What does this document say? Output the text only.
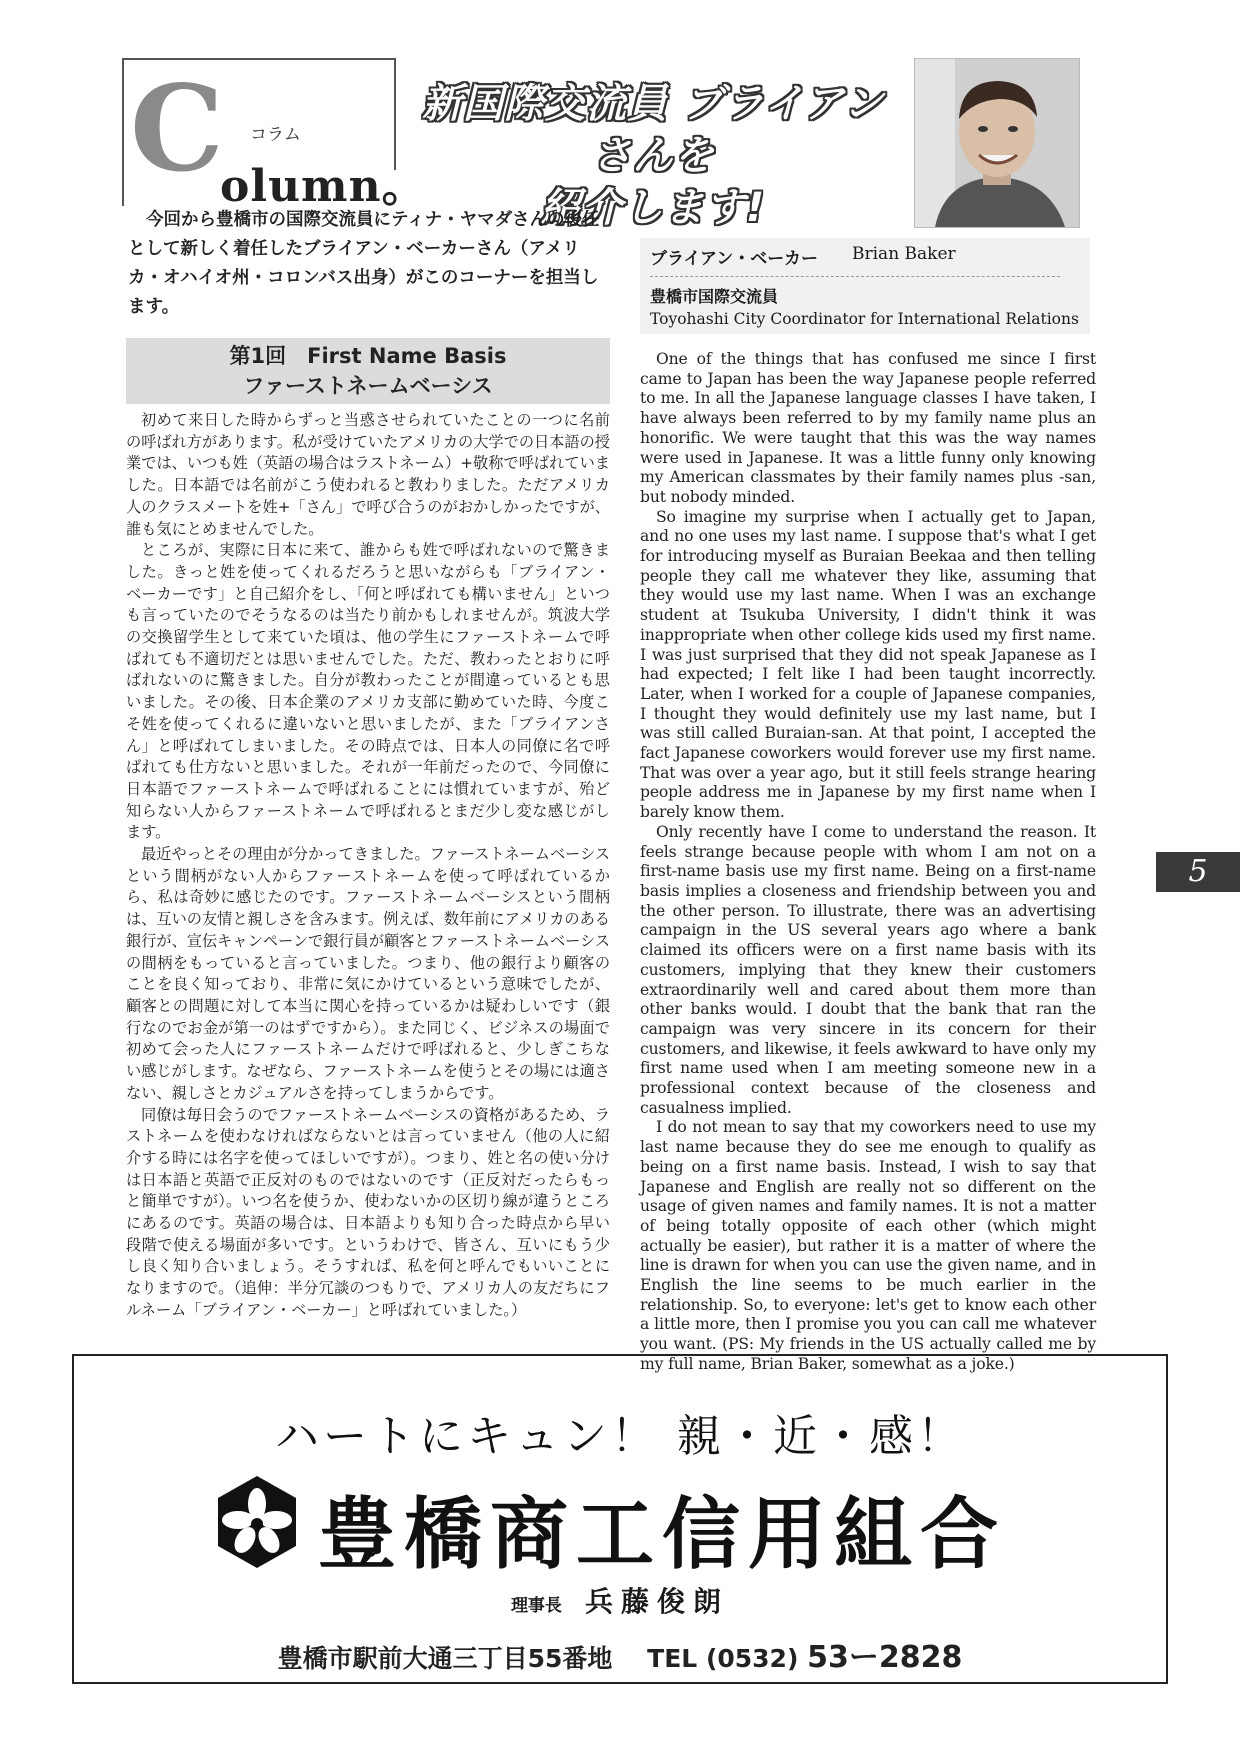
C コラム
olumn。
新国際交流員 ブライアンさんを
紹介します!
今回から豊橋市の国際交流員にティナ・ヤマダさんの後任として新しく着任したブライアン・ベーカーさん（アメリカ・オハイオ州・コロンバス出身）がこのコーナーを担当します。
ブライアン・ベーカー Brian Baker
豊橋市国際交流員
Toyohashi City Coordinator for International Relations
第1回　First Name Basis
ファーストネームベーシス

初めて来日した時からずっと当惑させられていたことの一つに名前の呼ばれ方があります。私が受けていたアメリカの大学での日本語の授業では、いつも姓（英語の場合はラストネーム）+敬称で呼ばれていました。日本語では名前がこう使われると教わりました。ただアメリカ人のクラスメートを姓+「さん」で呼び合うのがおかしかったですが、誰も気にとめませんでした。

ところが、実際に日本に来て、誰からも姓で呼ばれないので驚きました。きっと姓を使ってくれるだろうと思いながらも「ブライアン・ベーカーです」と自己紹介をし、「何と呼ばれても構いません」といつも言っていたのでそうなるのは当たり前かもしれませんが。筑波大学の交換留学生として来ていた頃は、他の学生にファーストネームで呼ばれても不適切だとは思いませんでした。ただ、教わったとおりに呼ばれないのに驚きました。自分が教わったことが間違っているとも思いました。その後、日本企業のアメリカ支部に勤めていた時、今度こそ姓を使ってくれるに違いないと思いましたが、また「ブライアンさん」と呼ばれてしまいました。その時点では、日本人の同僚に名で呼ばれても仕方ないと思いました。それが一年前だったので、今同僚に日本語でファーストネームで呼ばれることには慣れていますが、殆ど知らない人からファーストネームで呼ばれるとまだ少し変な感じがします。

最近やっとその理由が分かってきました。ファーストネームベーシスという間柄がない人からファーストネームを使って呼ばれているから、私は奇妙に感じたのです。ファーストネームベーシスという間柄は、互いの友情と親しさを含みます。例えば、数年前にアメリカのある銀行が、宣伝キャンペーンで銀行員が顧客とファーストネームベーシスの間柄をもっていると言っていました。つまり、他の銀行より顧客のことを良く知っており、非常に気にかけているという意味でしたが、顧客との問題に対して本当に関心を持っているかは疑わしいです（銀行なのでお金が第一のはずですから）。また同じく、ビジネスの場面で初めて会った人にファーストネームだけで呼ばれると、少しぎこちない感じがします。なぜなら、ファーストネームを使うとその場には適さない、親しさとカジュアルさを持ってしまうからです。

同僚は毎日会うのでファーストネームベーシスの資格があるため、ラストネームを使わなければならないとは言っていません（他の人に紹介する時には名字を使ってほしいですが）。つまり、姓と名の使い分けは日本語と英語で正反対のものではないのです（正反対だったらもっと簡単ですが）。いつ名を使うか、使わないかの区切り線が違うところにあるのです。英語の場合は、日本語よりも知り合った時点から早い段階で使える場面が多いです。というわけで、皆さん、互いにもう少し良く知り合いましょう。そうすれば、私を何と呼んでもいいことになりますので。（追伸：半分冗談のつもりで、アメリカ人の友だちにフルネーム「ブライアン・ベーカー」と呼ばれていました。）

One of the things that has confused me since I first came to Japan has been the way Japanese people referred to me. In all the Japanese language classes I have taken, I have always been referred to by my family name plus an honorific. We were taught that this was the way names were used in Japanese. It was a little funny only knowing my American classmates by their family names plus -san, but nobody minded.

So imagine my surprise when I actually get to Japan, and no one uses my last name. I suppose that's what I get for introducing myself as Buraian Beekaa and then telling people they call me whatever they like, assuming that they would use my last name. When I was an exchange student at Tsukuba University, I didn't think it was inappropriate when other college kids used my first name. I was just surprised that they did not speak Japanese as I had expected; I felt like I had been taught incorrectly. Later, when I worked for a couple of Japanese companies, I thought they would definitely use my last name, but I was still called Buraian-san. At that point, I accepted the fact Japanese coworkers would forever use my first name. That was over a year ago, but it still feels strange hearing people address me in Japanese by my first name when I barely know them.

Only recently have I come to understand the reason. It feels strange because people with whom I am not on a first-name basis use my first name. Being on a first-name basis implies a closeness and friendship between you and the other person. To illustrate, there was an advertising campaign in the US several years ago where a bank claimed its officers were on a first name basis with its customers, implying that they knew their customers extraordinarily well and cared about them more than other banks would. I doubt that the bank that ran the campaign was very sincere in its concern for their customers, and likewise, it feels awkward to have only my first name used when I am meeting someone new in a professional context because of the closeness and casualness implied.

I do not mean to say that my coworkers need to use my last name because they do see me enough to qualify as being on a first name basis. Instead, I wish to say that Japanese and English are really not so different on the usage of given names and family names. It is not a matter of being totally opposite of each other (which might actually be easier), but rather it is a matter of where the line is drawn for when you can use the given name, and in English the line seems to be much earlier in the relationship. So, to everyone: let's get to know each other a little more, then I promise you you can call me whatever you want. (PS: My friends in the US actually called me by my full name, Brian Baker, somewhat as a joke.)

5
ハートにキュン！ 親・近・感！
豊橋商工信用組合
理事長 兵藤俊朗
豊橋市駅前大通三丁目55番地 TEL (0532) 53ー2828
